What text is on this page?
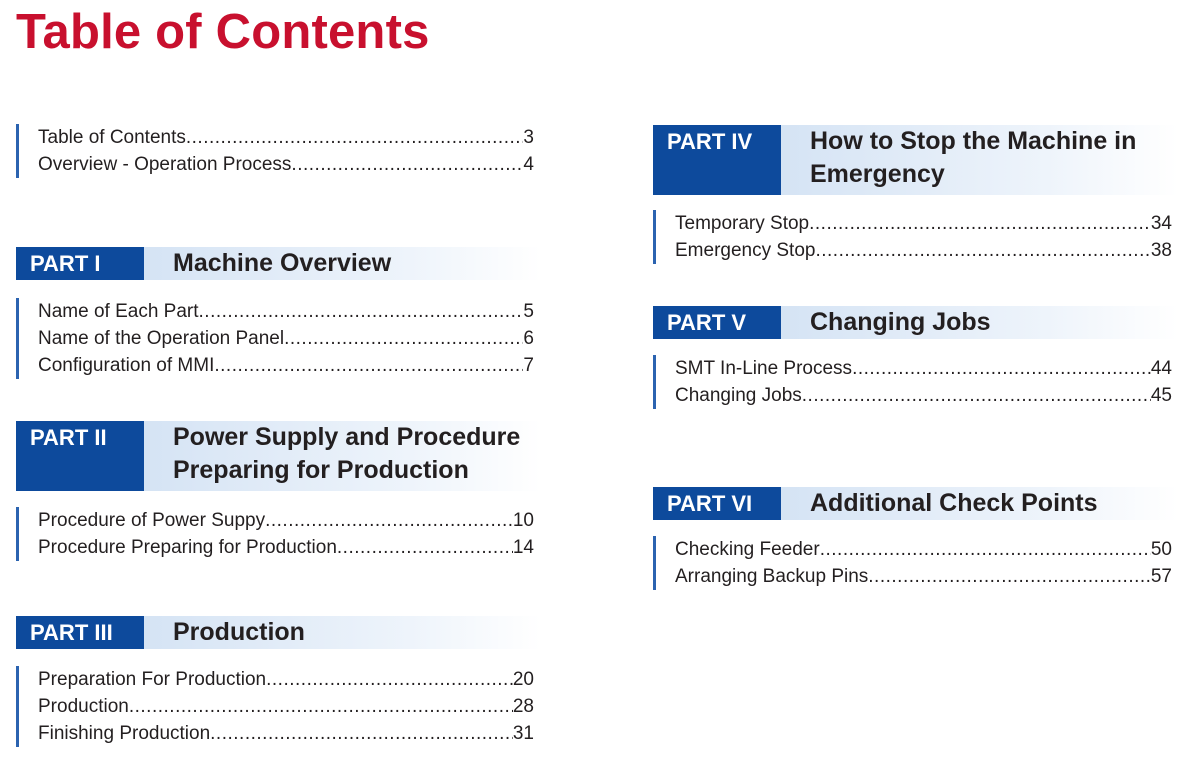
Table of Contents
Table of Contents .....	3
Overview - Operation Process .....	4
PART I	Machine Overview
Name of Each Part .....	5
Name of the Operation Panel .....	6
Configuration of MMI .....	7
PART II	Power Supply and Procedure
Preparing for Production
Procedure of Power Suppy .....	10
Procedure Preparing for Production .....	14
PART III	Production
Preparation For Production .....	20
Production .....	28
Finishing Production .....	31
PART IV	How to Stop the Machine in
Emergency
Temporary Stop .....	34
Emergency Stop .....	38
PART V	Changing Jobs
SMT In-Line Process .....	44
Changing Jobs .....	45
PART VI	Additional Check Points
Checking Feeder .....	50
Arranging Backup Pins .....	57
